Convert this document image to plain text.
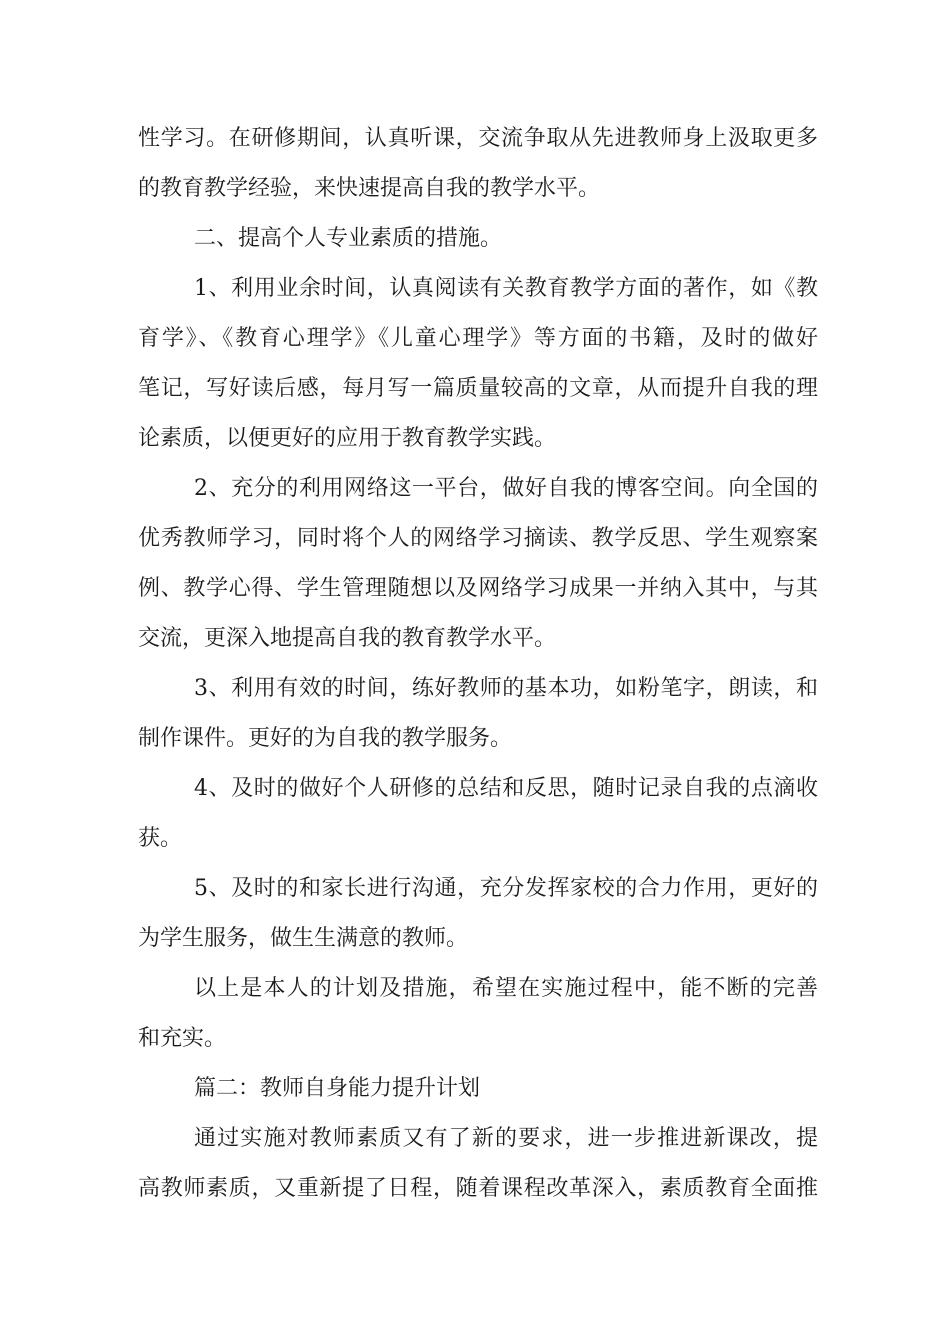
性学习。在研修期间，认真听课，交流争取从先进教师身上汲取更多
的教育教学经验，来快速提高自我的教学水平。

二、提高个人专业素质的措施。

1、利用业余时间，认真阅读有关教育教学方面的著作，如《教
育学》、《教育心理学》《儿童心理学》等方面的书籍，及时的做好
笔记，写好读后感，每月写一篇质量较高的文章，从而提升自我的理
论素质，以便更好的应用于教育教学实践。

2、充分的利用网络这一平台，做好自我的博客空间。向全国的
优秀教师学习，同时将个人的网络学习摘读、教学反思、学生观察案
例、教学心得、学生管理随想以及网络学习成果一并纳入其中，与其
交流，更深入地提高自我的教育教学水平。

3、利用有效的时间，练好教师的基本功，如粉笔字，朗读，和
制作课件。更好的为自我的教学服务。

4、及时的做好个人研修的总结和反思，随时记录自我的点滴收
获。

5、及时的和家长进行沟通，充分发挥家校的合力作用，更好的
为学生服务，做生生满意的教师。

以上是本人的计划及措施，希望在实施过程中，能不断的完善
和充实。

篇二：教师自身能力提升计划

通过实施对教师素质又有了新的要求，进一步推进新课改，提
高教师素质，又重新提了日程，随着课程改革深入，素质教育全面推
